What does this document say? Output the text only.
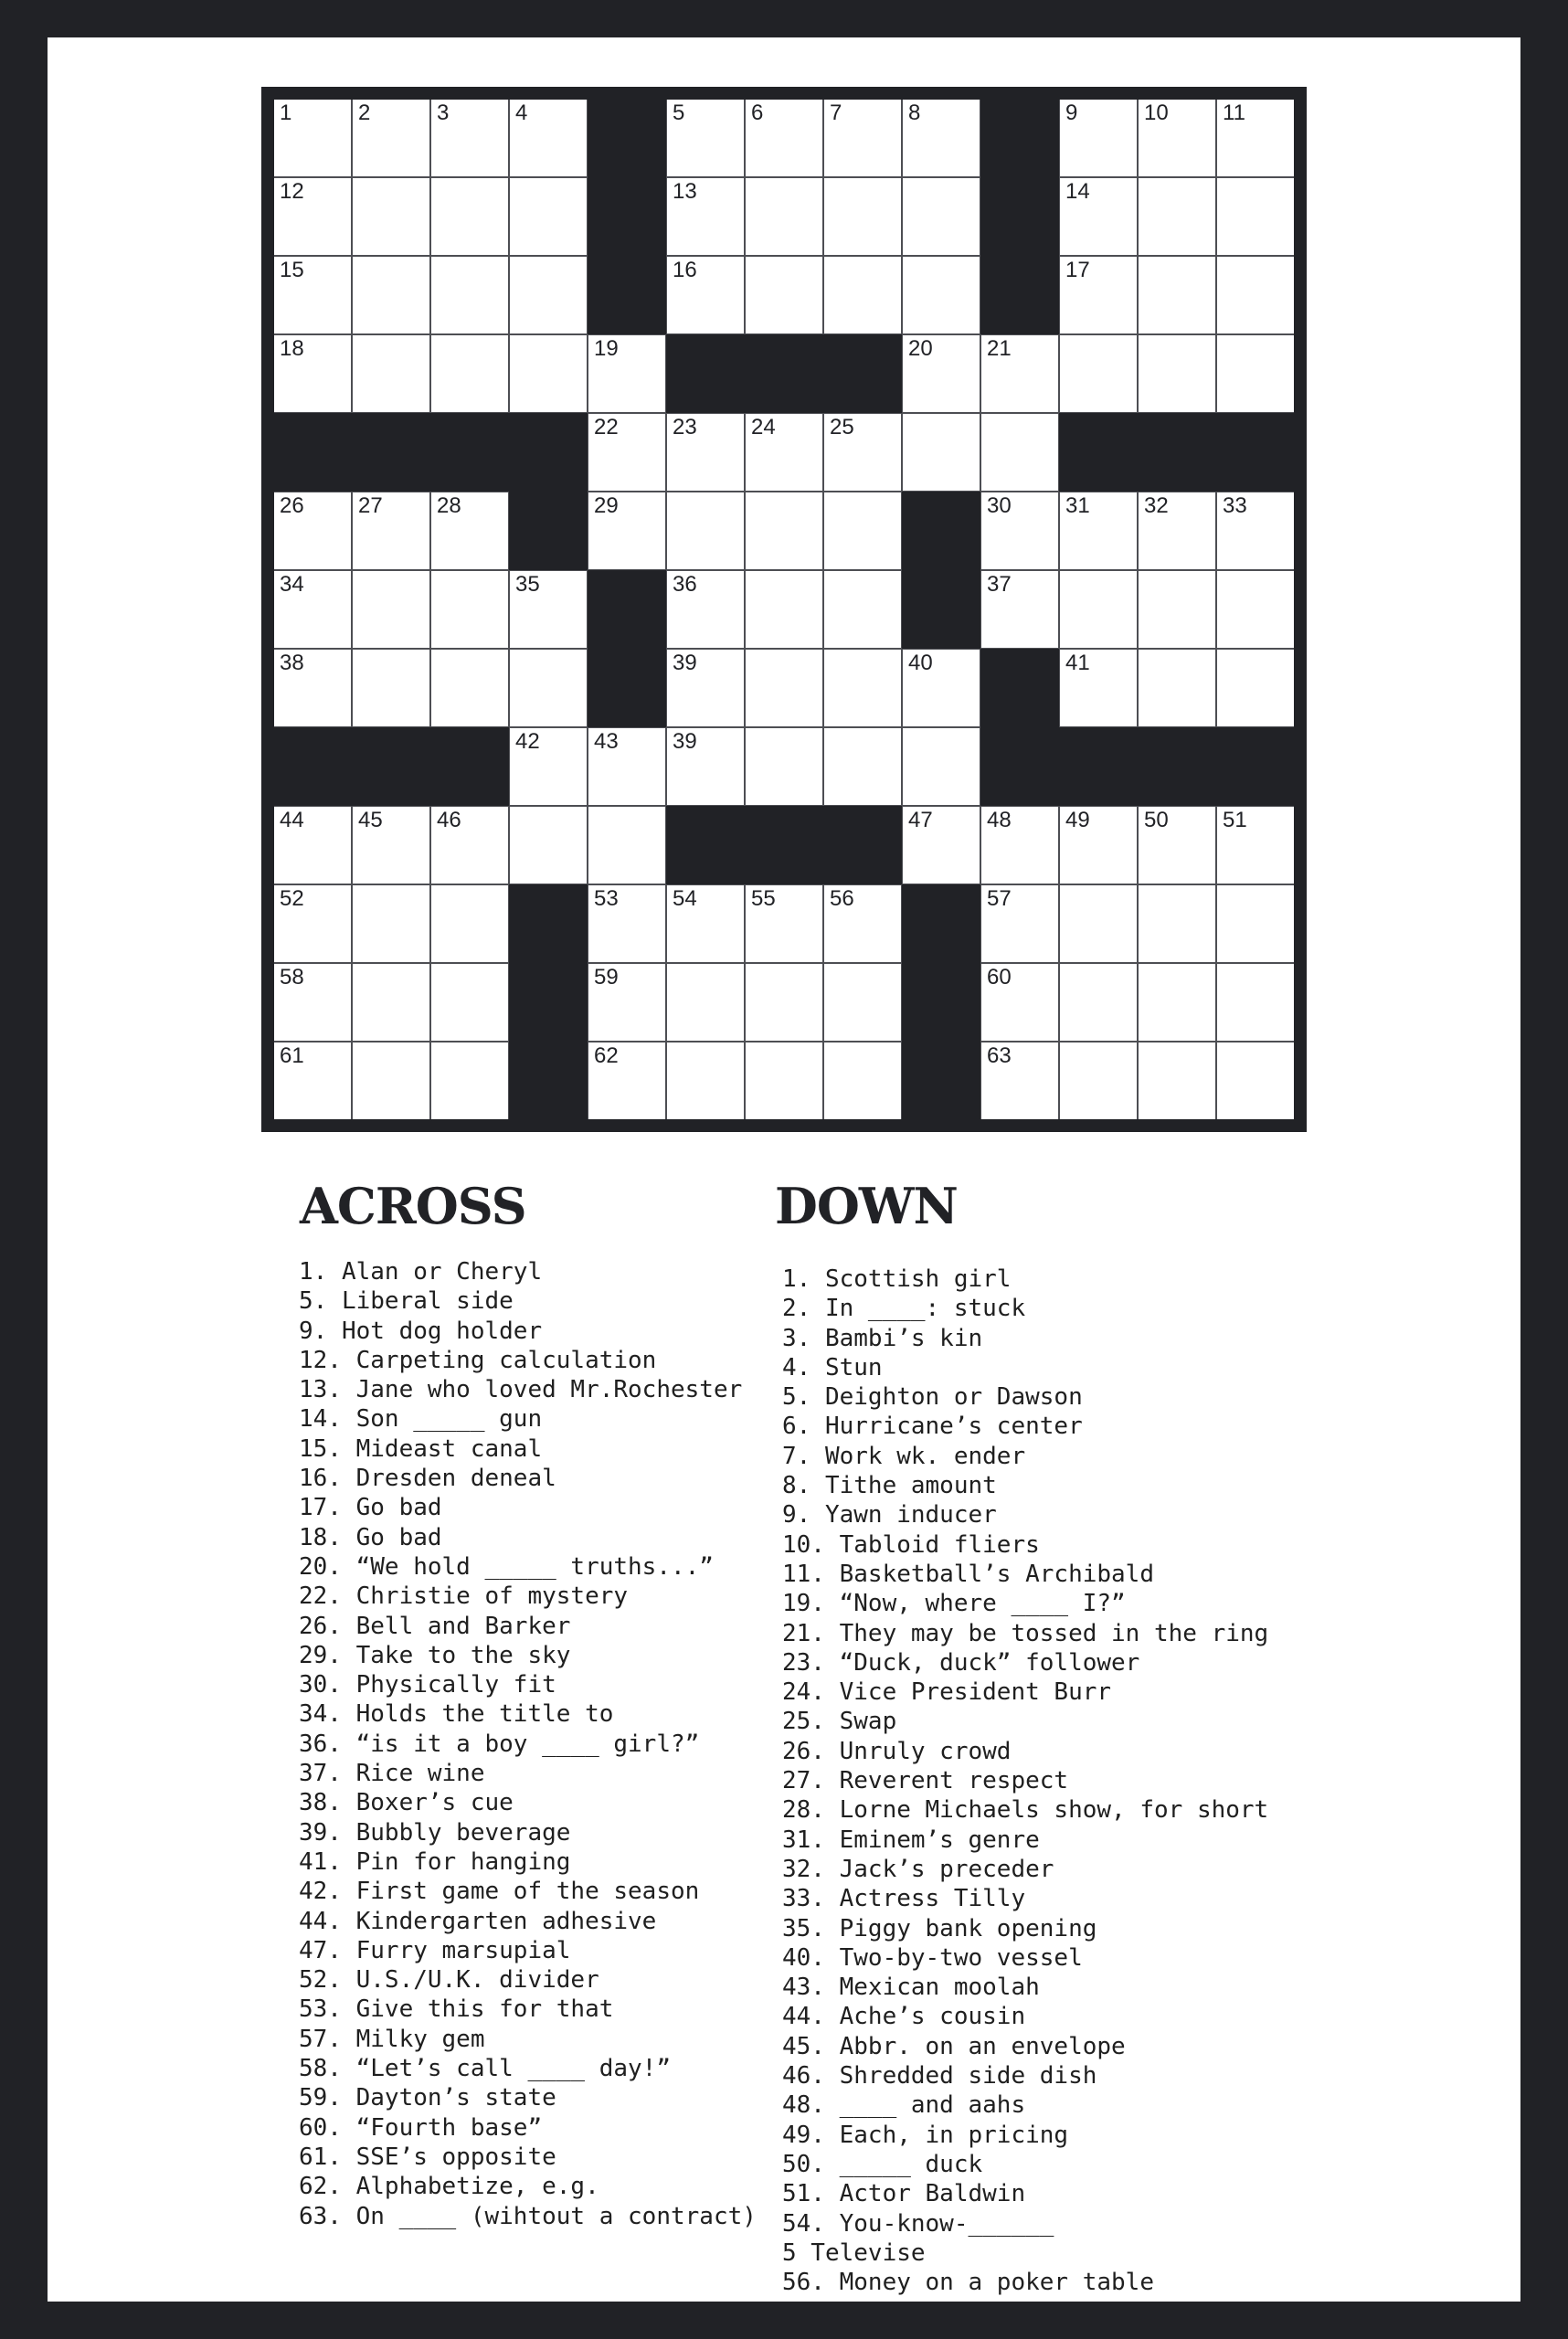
1	2	3	4	5	6	7	8	9	10 11
12	13	14
15	16	17
18	19	20 21
22 23 24 25
26 27 28	29	30 31 32 33
34	35	36	37
38	39	40	41
42 43 39
44 45 46	47 48 49 50 51
52	53 54 55 56	57
58	59	60
61	62	63
ACROSS
1. Alan or Cheryl
5. Liberal side
9. Hot dog holder
12. Carpeting calculation
13. Jane who loved Mr.Rochester
14. Son _____ gun
15. Mideast canal
16. Dresden deneal
17. Go bad
18. Go bad
20. “We hold _____ truths...”
22. Christie of mystery
26. Bell and Barker
29. Take to the sky
30. Physically fit
34. Holds the title to
36. “is it a boy ____ girl?”
37. Rice wine
38. Boxer’s cue
39. Bubbly beverage
41. Pin for hanging
42. First game of the season
44. Kindergarten adhesive
47. Furry marsupial
52. U.S./U.K. divider
53. Give this for that
57. Milky gem
58. “Let’s call ____ day!”
59. Dayton’s state
60. “Fourth base”
61. SSE’s opposite
62. Alphabetize, e.g.
63. On ____ (wihtout a contract)
DOWN
1. Scottish girl
2. In ____: stuck
3. Bambi’s kin
4. Stun
5. Deighton or Dawson
6. Hurricane’s center
7. Work wk. ender
8. Tithe amount
9. Yawn inducer
10. Tabloid fliers
11. Basketball’s Archibald
19. “Now, where ____ I?”
21. They may be tossed in the ring
23. “Duck, duck” follower
24. Vice President Burr
25. Swap
26. Unruly crowd
27. Reverent respect
28. Lorne Michaels show, for short
31. Eminem’s genre
32. Jack’s preceder
33. Actress Tilly
35. Piggy bank opening
40. Two-by-two vessel
43. Mexican moolah
44. Ache’s cousin
45. Abbr. on an envelope
46. Shredded side dish
48. ____ and aahs
49. Each, in pricing
50. _____ duck
51. Actor Baldwin
54. You-know-______
5 Televise
56. Money on a poker table
